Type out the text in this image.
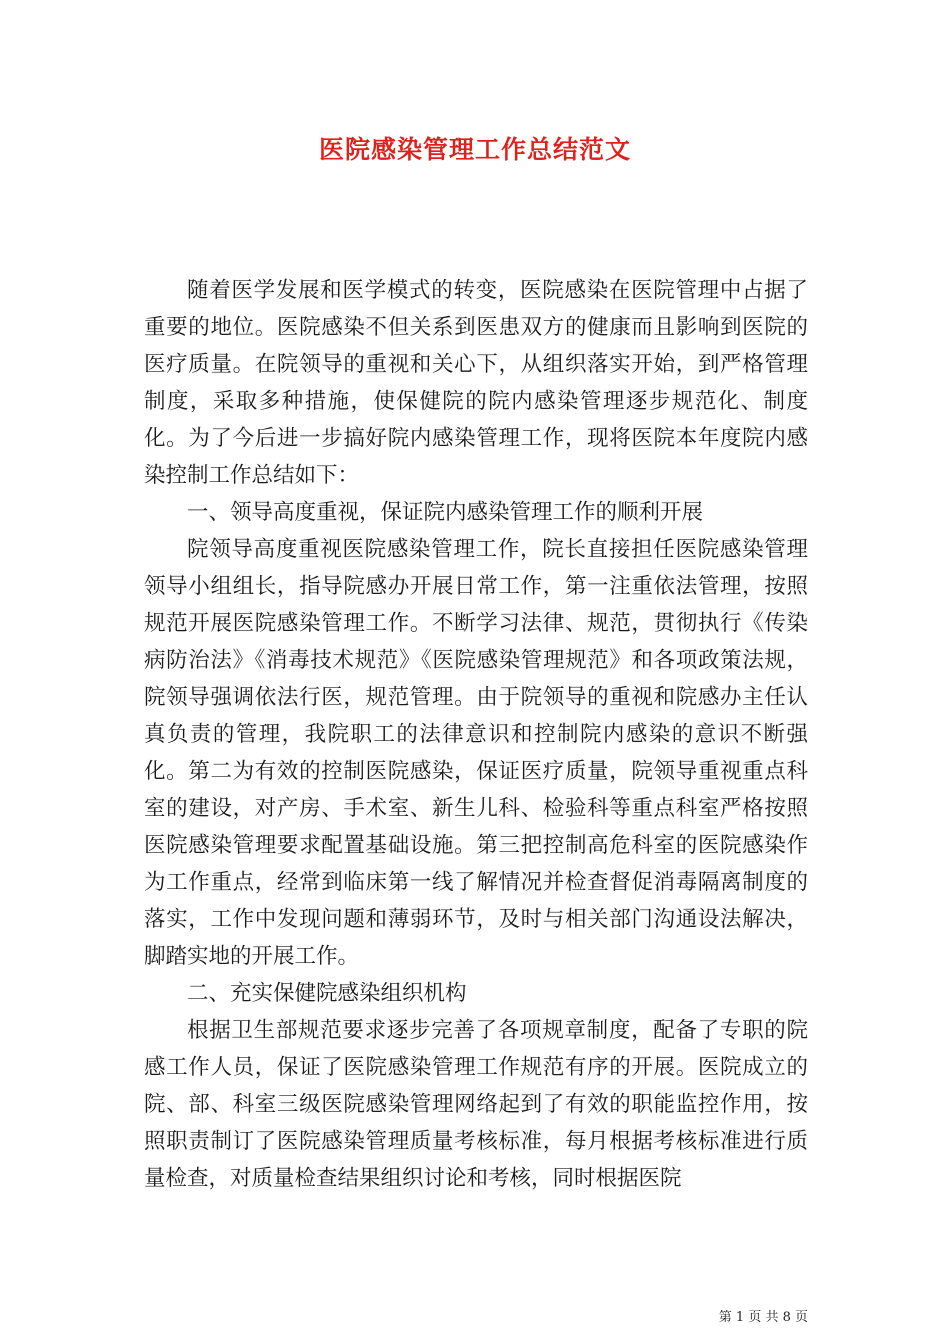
医院感染管理工作总结范文

随着医学发展和医学模式的转变，医院感染在医院管理中占据了重要的地位。医院感染不但关系到医患双方的健康而且影响到医院的医疗质量。在院领导的重视和关心下，从组织落实开始，到严格管理制度，采取多种措施，使保健院的院内感染管理逐步规范化、制度化。为了今后进一步搞好院内感染管理工作，现将医院本年度院内感染控制工作总结如下：

一、领导高度重视，保证院内感染管理工作的顺利开展

院领导高度重视医院感染管理工作，院长直接担任医院感染管理领导小组组长，指导院感办开展日常工作，第一注重依法管理，按照规范开展医院感染管理工作。不断学习法律、规范，贯彻执行《传染病防治法》《消毒技术规范》《医院感染管理规范》和各项政策法规，院领导强调依法行医，规范管理。由于院领导的重视和院感办主任认真负责的管理，我院职工的法律意识和控制院内感染的意识不断强化。第二为有效的控制医院感染，保证医疗质量，院领导重视重点科室的建设，对产房、手术室、新生儿科、检验科等重点科室严格按照医院感染管理要求配置基础设施。第三把控制高危科室的医院感染作为工作重点，经常到临床第一线了解情况并检查督促消毒隔离制度的落实，工作中发现问题和薄弱环节，及时与相关部门沟通设法解决，脚踏实地的开展工作。

二、充实保健院感染组织机构

根据卫生部规范要求逐步完善了各项规章制度，配备了专职的院感工作人员，保证了医院感染管理工作规范有序的开展。医院成立的院、部、科室三级医院感染管理网络起到了有效的职能监控作用，按照职责制订了医院感染管理质量考核标准，每月根据考核标准进行质量检查，对质量检查结果组织讨论和考核，同时根据医院

第 1 页 共 8 页
